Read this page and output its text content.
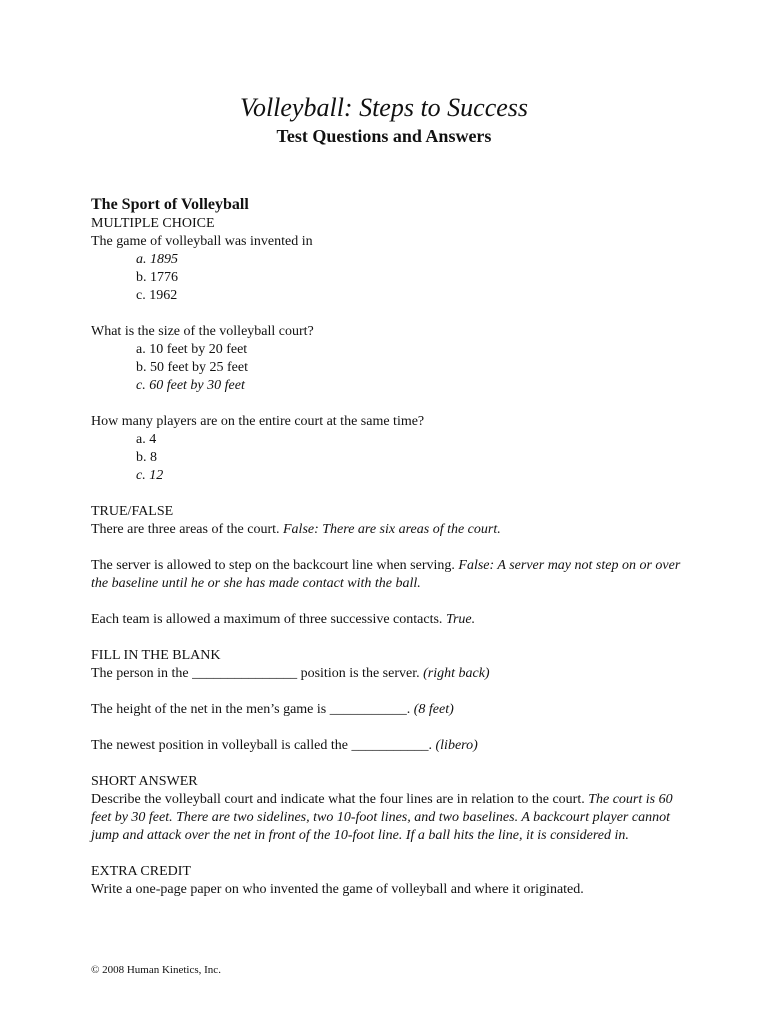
Volleyball: Steps to Success
Test Questions and Answers
The Sport of Volleyball
MULTIPLE CHOICE
The game of volleyball was invented in
a. 1895
b. 1776
c. 1962
What is the size of the volleyball court?
a. 10 feet by 20 feet
b. 50 feet by 25 feet
c. 60 feet by 30 feet
How many players are on the entire court at the same time?
a. 4
b. 8
c. 12
TRUE/FALSE
There are three areas of the court. False: There are six areas of the court.
The server is allowed to step on the backcourt line when serving. False: A server may not step on or over the baseline until he or she has made contact with the ball.
Each team is allowed a maximum of three successive contacts. True.
FILL IN THE BLANK
The person in the _______________ position is the server. (right back)
The height of the net in the men’s game is ___________. (8 feet)
The newest position in volleyball is called the ___________. (libero)
SHORT ANSWER
Describe the volleyball court and indicate what the four lines are in relation to the court. The court is 60 feet by 30 feet. There are two sidelines, two 10-foot lines, and two baselines. A backcourt player cannot jump and attack over the net in front of the 10-foot line. If a ball hits the line, it is considered in.
EXTRA CREDIT
Write a one-page paper on who invented the game of volleyball and where it originated.
© 2008 Human Kinetics, Inc.
